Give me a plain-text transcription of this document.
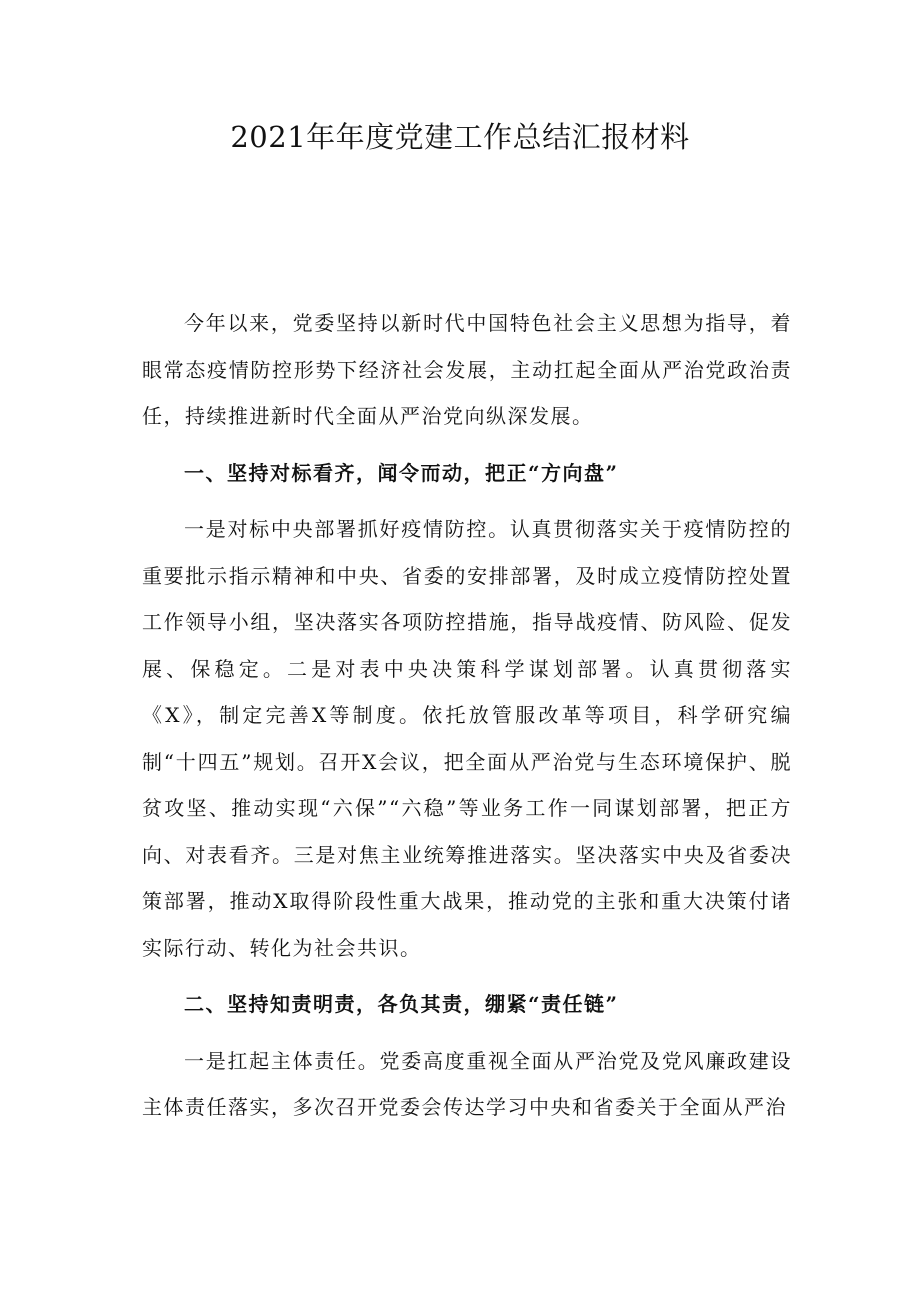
2021年年度党建工作总结汇报材料

今年以来，党委坚持以新时代中国特色社会主义思想为指导，着眼常态疫情防控形势下经济社会发展，主动扛起全面从严治党政治责任，持续推进新时代全面从严治党向纵深发展。

一、坚持对标看齐，闻令而动，把正“方向盘”

一是对标中央部署抓好疫情防控。认真贯彻落实关于疫情防控的重要批示指示精神和中央、省委的安排部署，及时成立疫情防控处置工作领导小组，坚决落实各项防控措施，指导战疫情、防风险、促发展、保稳定。二是对表中央决策科学谋划部署。认真贯彻落实《X》，制定完善X等制度。依托放管服改革等项目，科学研究编制“十四五”规划。召开X会议，把全面从严治党与生态环境保护、脱贫攻坚、推动实现“六保”“六稳”等业务工作一同谋划部署，把正方向、对表看齐。三是对焦主业统筹推进落实。坚决落实中央及省委决策部署，推动X取得阶段性重大战果，推动党的主张和重大决策付诸实际行动、转化为社会共识。

二、坚持知责明责，各负其责，绷紧“责任链”

一是扛起主体责任。党委高度重视全面从严治党及党风廉政建设主体责任落实，多次召开党委会传达学习中央和省委关于全面从严治
